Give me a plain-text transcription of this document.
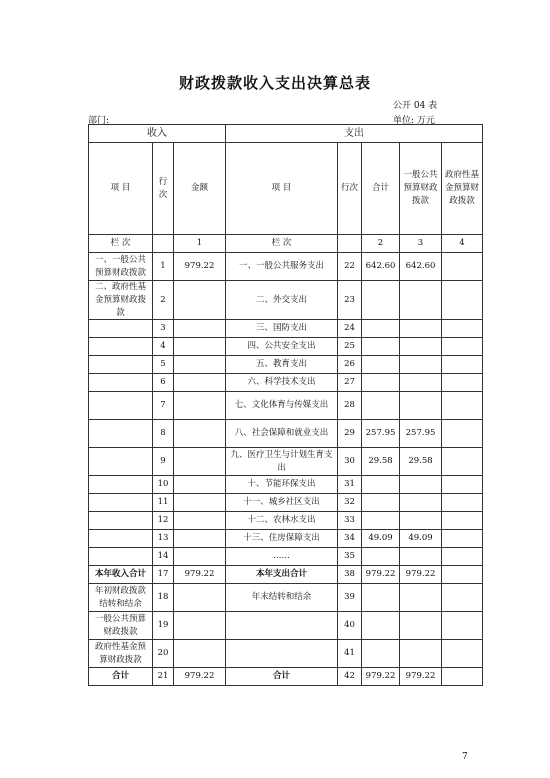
财政拨款收入支出决算总表
公开 04 表
部门:	单位: 万元
收入			支出				
项 目	行次	金额	项 目	行次	合计	一般公共预算财政拨款	政府性基金预算财政拨款
栏 次		1	栏 次		2	3	4
一、一般公共预算财政拨款	1	979.22	一、一般公共服务支出	22	642.60	642.60	
二、政府性基金预算财政拨款	2		二、外交支出	23			
	3		三、国防支出	24			
	4		四、公共安全支出	25			
	5		五、教育支出	26			
	6		六、科学技术支出	27			
	7		七、文化体育与传媒支出	28			
	8		八、社会保障和就业支出	29	257.95	257.95	
	9		九、医疗卫生与计划生育支出	30	29.58	29.58	
	10		十、节能环保支出	31			
	11		十一、城乡社区支出	32			
	12		十二、农林水支出	33			
	13		十三、住房保障支出	34	49.09	49.09	
	14		……	35			
本年收入合计	17	979.22	本年支出合计	38	979.22	979.22	
年初财政拨款结转和结余	18		年末结转和结余	39			
一般公共预算财政拨款	19			40			
政府性基金预算财政拨款	20			41			
合计	21	979.22	合计	42	979.22	979.22	
7
